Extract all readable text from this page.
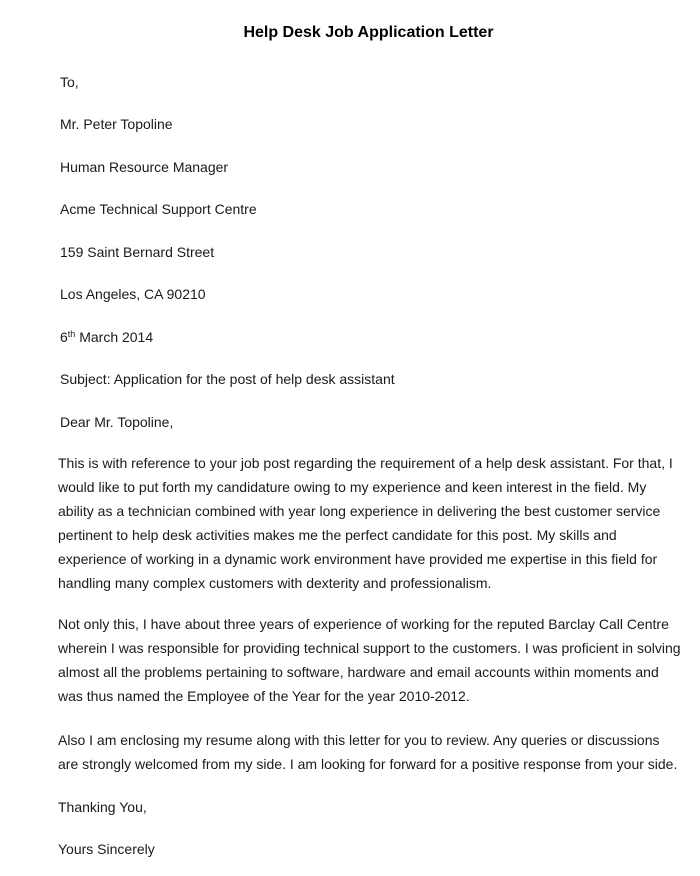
Help Desk Job Application Letter
To,
Mr. Peter Topoline
Human Resource Manager
Acme Technical Support Centre
159 Saint Bernard Street
Los Angeles, CA 90210
6th March 2014
Subject: Application for the post of help desk assistant
Dear Mr. Topoline,
This is with reference to your job post regarding the requirement of a help desk assistant. For that, I
would like to put forth my candidature owing to my experience and keen interest in the field. My
ability as a technician combined with year long experience in delivering the best customer service
pertinent to help desk activities makes me the perfect candidate for this post. My skills and
experience of working in a dynamic work environment have provided me expertise in this field for
handling many complex customers with dexterity and professionalism.
Not only this, I have about three years of experience of working for the reputed Barclay Call Centre
wherein I was responsible for providing technical support to the customers. I was proficient in solving
almost all the problems pertaining to software, hardware and email accounts within moments and
was thus named the Employee of the Year for the year 2010-2012.
Also I am enclosing my resume along with this letter for you to review. Any queries or discussions
are strongly welcomed from my side. I am looking for forward for a positive response from your side.
Thanking You,
Yours Sincerely
